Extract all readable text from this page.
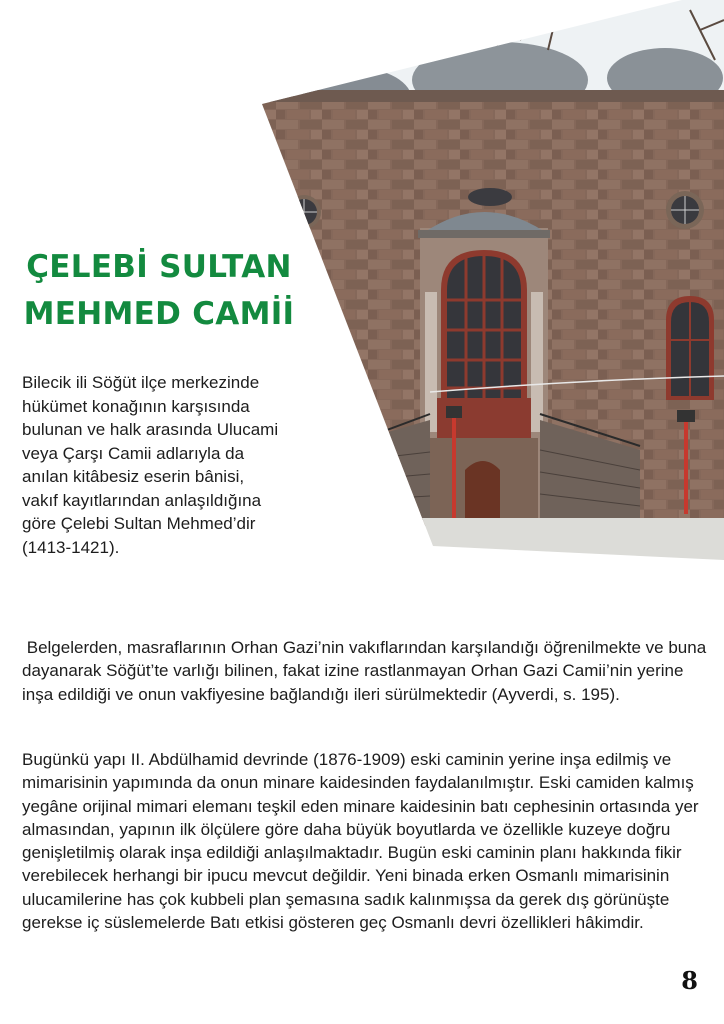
ÇELEBİ SULTAN
MEHMED CAMİİ

Bilecik ili Söğüt ilçe merkezinde hükümet konağının karşısında bulunan ve halk arasında Ulucami veya Çarşı Camii adlarıyla da anılan kitâbesiz eserin bânisi, vakıf kayıtlarından anlaşıldığına göre Çelebi Sultan Mehmed’dir (1413-1421).

Belgelerden, masraflarının Orhan Gazi’nin vakıflarından karşılandığı öğrenilmekte ve buna dayanarak Söğüt’te varlığı bilinen, fakat izine rastlanmayan Orhan Gazi Camii’nin yerine inşa edildiği ve onun vakfiyesine bağlandığı ileri sürülmektedir (Ayverdi, s. 195).

Bugünkü yapı II. Abdülhamid devrinde (1876-1909) eski caminin yerine inşa edilmiş ve mimarisinin yapımında da onun minare kaidesinden faydalanılmıştır. Eski camiden kalmış yegâne orijinal mimari elemanı teşkil eden minare kaidesinin batı cephesinin ortasında yer almasından, yapının ilk ölçülere göre daha büyük boyutlarda ve özellikle kuzeye doğru genişletilmiş olarak inşa edildiği anlaşılmaktadır. Bugün eski caminin planı hakkında fikir verebilecek herhangi bir ipucu mevcut değildir. Yeni binada erken Osmanlı mimarisinin ulucamilerine has çok kubbeli plan şemasına sadık kalınmışsa da gerek dış görünüşte gerekse iç süslemelerde Batı etkisi gösteren geç Osmanlı devri özellikleri hâkimdir.

8
